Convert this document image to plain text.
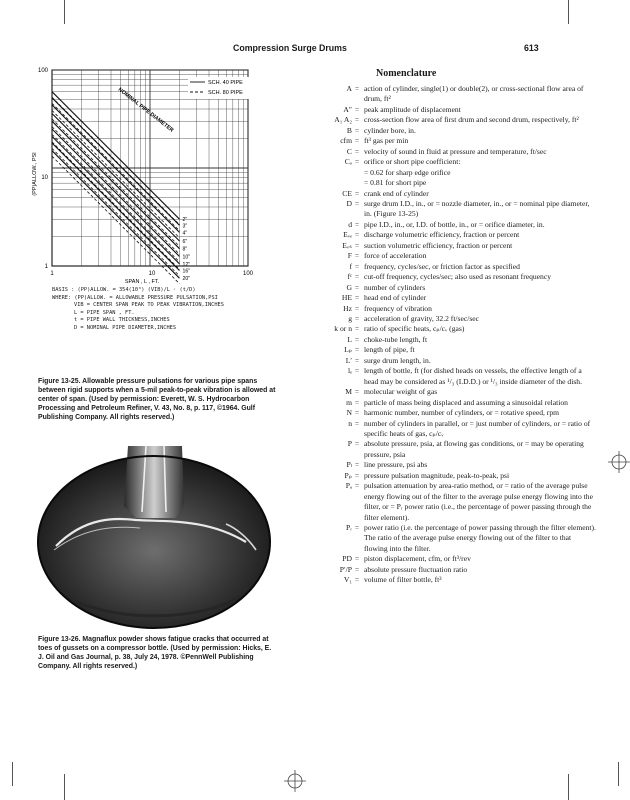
Compression Surge Drums	613
2"
3"
4"
6"
8"
10"
12"
16"
20"
(PP)ALLOW., PSI
SPAN , L , FT.
1	10	100
1
10
100
SCH. 40 PIPE
SCH. 80 PIPE
NOMINAL PIPE DIAMETER
BASIS : (PP)ALLOW. = 354(10³) (VIB)/L · (t/D)
WHERE: (PP)ALLOW. = ALLOWABLE PRESSURE PULSATION,PSI
VIB = CENTER SPAN PEAK TO PEAK VIBRATION,INCHES
L = PIPE SPAN , FT.
t = PIPE WALL THICKNESS,INCHES
D = NOMINAL PIPE DIAMETER,INCHES
Figure 13-25. Allowable pressure pulsations for various pipe spans between rigid supports when a 5-mil peak-to-peak vibration is allowed at center of span. (Used by permission: Everett, W. S. Hydrocarbon Processing and Petroleum Refiner, V. 43, No. 8, p. 117, ©1964. Gulf Publishing Company. All rights reserved.)
Figure 13-26. Magnaflux powder shows fatigue cracks that occurred at toes of gussets on a compressor bottle. (Used by permission: Hicks, E. J. Oil and Gas Journal, p. 38, July 24, 1978. ©PennWell Publishing Company. All rights reserved.)
Nomenclature
A = action of cylinder, single(1) or double(2), or cross-sectional flow area of drum, ft²
A″ = peak amplitude of displacement
A₁ A₂ = cross-section flow area of first drum and second drum, respectively, ft²
B = cylinder bore, in.
cfm = ft³ gas per min
C = velocity of sound in fluid at pressure and temperature, ft/sec
Cₒ = orifice or short pipe coefficient:
= 0.62 for sharp edge orifice
= 0.81 for short pipe
CE = crank end of cylinder
D = surge drum I.D., in., or = nozzle diameter, in., or = nominal pipe diameter, in. (Figure 13-25)
d = pipe I.D., in., or, I.D. of bottle, in., or = orifice diameter, in.
Eᵥₑ = discharge volumetric efficiency, fraction or percent
Eᵥₛ = suction volumetric efficiency, fraction or percent
F = force of acceleration
f = frequency, cycles/sec, or friction factor as specified
fᶜ = cut-off frequency, cycles/sec; also used as resonant frequency
G = number of cylinders
HE = head end of cylinder
Hz = frequency of vibration
g = acceleration of gravity, 32.2 ft/sec/sec
k or n = ratio of specific heats, cₚ/cᵥ (gas)
L = choke-tube length, ft
Lₚ = length of pipe, ft
L′ = surge drum length, in.
lₑ = length of bottle, ft (for dished heads on vessels, the effective length of a head may be considered as ¹/₃ (I.D.D.) or ¹/₃ inside diameter of the dish.
M = molecular weight of gas
m = particle of mass being displaced and assuming a sinusoidal relation
N = harmonic number, number of cylinders, or = rotative speed, rpm
n = number of cylinders in parallel, or = just number of cylinders, or = ratio of specific heats of gas, cₚ/cᵥ
P = absolute pressure, psia, at flowing gas conditions, or = may be operating pressure, psia
Pₗ = line pressure, psi abs
Pₚ = pressure pulsation magnitude, peak-to-peak, psi
Pₐ = pulsation attenuation by area-ratio method, or = ratio of the average pulse energy flowing out of the filter to the average pulse energy flowing into the filter, or = Pᵣ power ratio (i.e., the percentage of power passing through the filter element).
Pᵣ = power ratio (i.e. the percentage of power passing through the filter element). The ratio of the average pulse energy flowing out of the filter to that flowing into the filter.
PD = piston displacement, cfm, or ft³/rev
P′/P = absolute pressure fluctuation ratio
V₁ = volume of filter bottle, ft³
